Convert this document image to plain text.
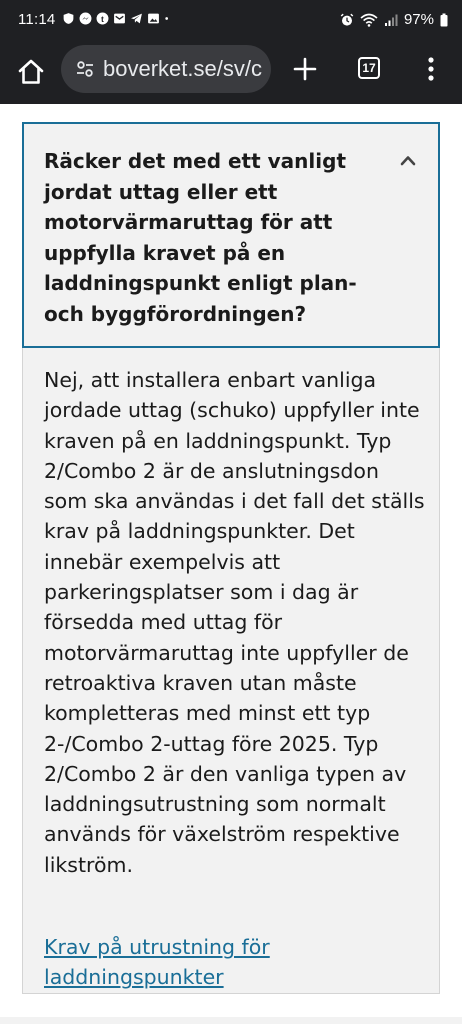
11:14	t	97%
boverket.se/sv/c	17
Räcker det med ett vanligt jordat uttag eller ett motorvärmaruttag för att uppfylla kravet på en laddningspunkt enligt plan- och byggförordningen?

Nej, att installera enbart vanliga jordade uttag (schuko) uppfyller inte kraven på en laddningspunkt. Typ 2/Combo 2 är de anslutningsdon som ska användas i det fall det ställs krav på laddningspunkter. Det innebär exempelvis att parkeringsplatser som i dag är försedda med uttag för motorvärmaruttag inte uppfyller de retroaktiva kraven utan måste kompletteras med minst ett typ 2-/Combo 2-uttag före 2025. Typ 2/Combo 2 är den vanliga typen av laddningsutrustning som normalt används för växelström respektive likström.

Krav på utrustning för laddningspunkter
